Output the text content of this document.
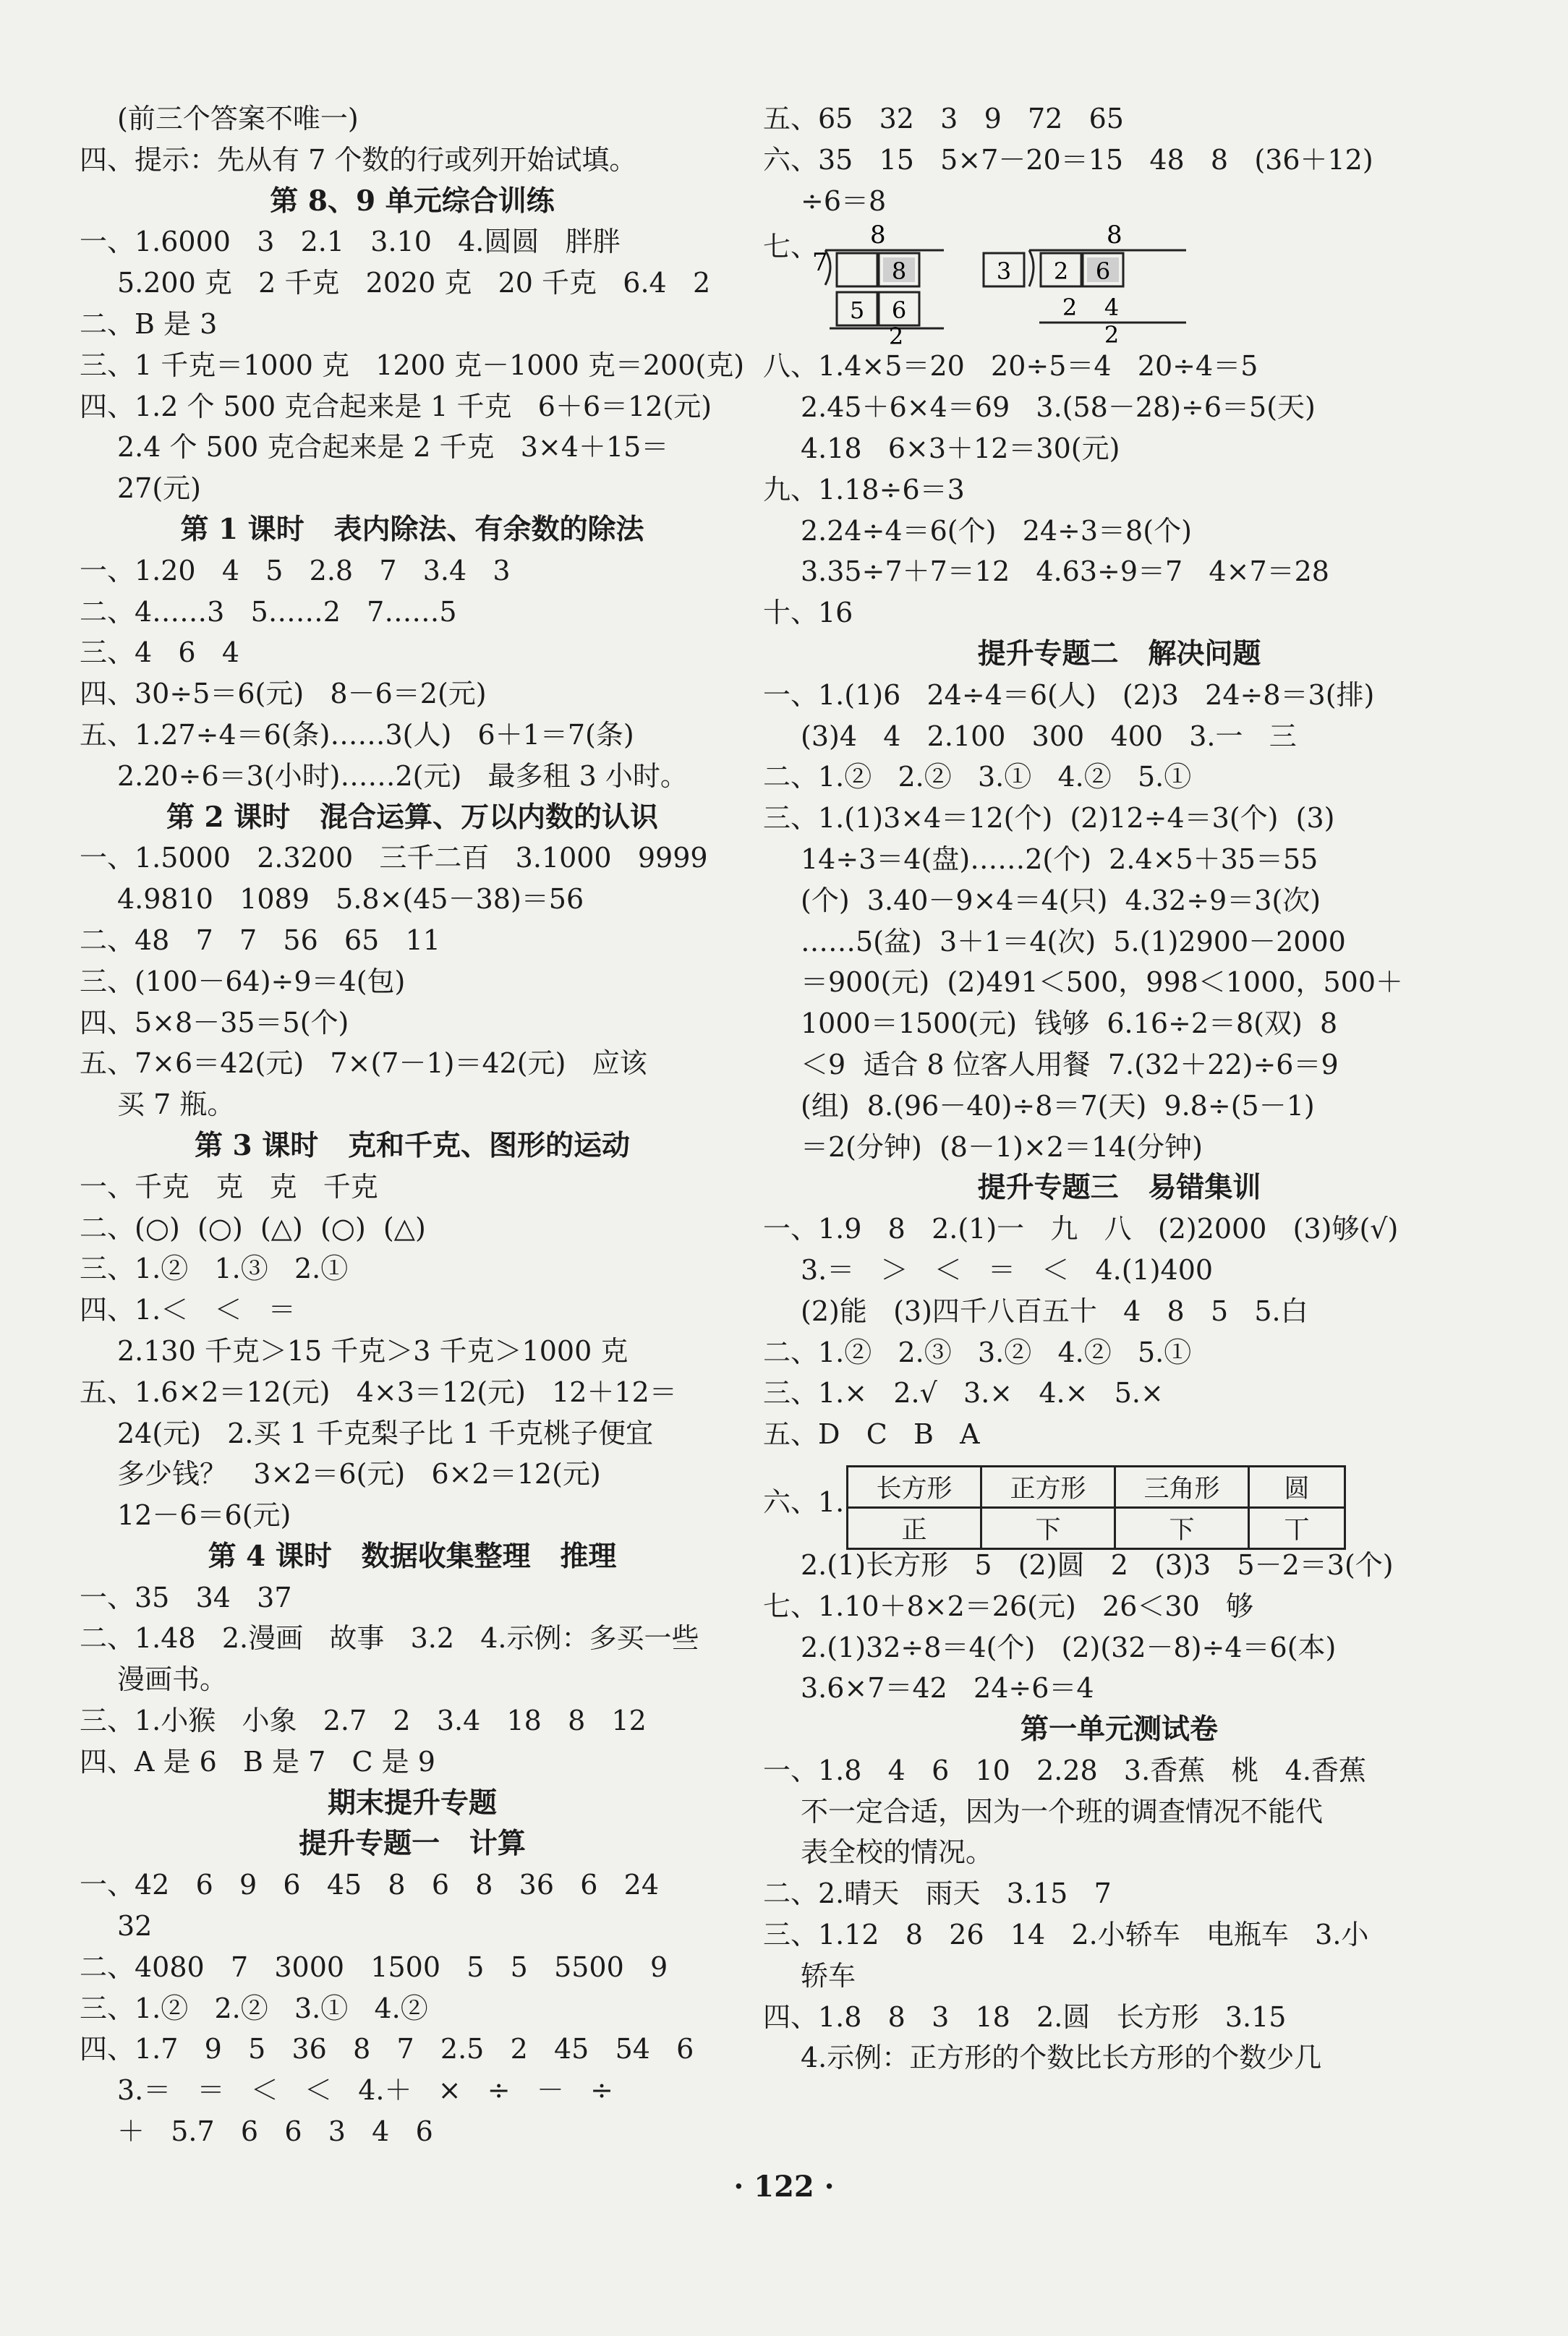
(前三个答案不唯一)
四、提示：先从有 7 个数的行或列开始试填。
第 8、9 单元综合训练
一、1.6000   3   2.1   3.10   4.圆圆   胖胖
5.200 克   2 千克   2020 克   20 千克   6.4   2
二、B 是 3
三、1 千克＝1000 克   1200 克－1000 克＝200(克)
四、1.2 个 500 克合起来是 1 千克   6＋6＝12(元)
2.4 个 500 克合起来是 2 千克   3×4＋15＝
27(元)
第 1 课时   表内除法、有余数的除法
一、1.20   4   5   2.8   7   3.4   3
二、4……3   5……2   7……5
三、4   6   4
四、30÷5＝6(元)   8－6＝2(元)
五、1.27÷4＝6(条)……3(人)   6＋1＝7(条)
2.20÷6＝3(小时)……2(元)   最多租 3 小时。
第 2 课时   混合运算、万以内数的认识
一、1.5000   2.3200   三千二百   3.1000   9999
4.9810   1089   5.8×(45－38)＝56
二、48   7   7   56   65   11
三、(100－64)÷9＝4(包)
四、5×8－35＝5(个)
五、7×6＝42(元)   7×(7－1)＝42(元)   应该
买 7 瓶。
第 3 课时   克和千克、图形的运动
一、千克   克   克   千克
二、(○)  (○)  (△)  (○)  (△)
三、1.②   1.③   2.①
四、1.＜   ＜   ＝
2.130 千克＞15 千克＞3 千克＞1000 克
五、1.6×2＝12(元)   4×3＝12(元)   12＋12＝
24(元)   2.买 1 千克梨子比 1 千克桃子便宜
多少钱？   3×2＝6(元)   6×2＝12(元)
12－6＝6(元)
第 4 课时   数据收集整理   推理
一、35   34   37
二、1.48   2.漫画   故事   3.2   4.示例：多买一些
漫画书。
三、1.小猴   小象   2.7   2   3.4   18   8   12
四、A 是 6   B 是 7   C 是 9
期末提升专题
提升专题一   计算
一、42   6   9   6   45   8   6   8   36   6   24
32
二、4080   7   3000   1500   5   5   5500   9
三、1.②   2.②   3.①   4.②
四、1.7   9   5   36   8   7   2.5   2   45   54   6
3.＝   ＝   ＜   ＜   4.＋   ×   ÷   －   ÷
＋   5.7   6   6   3   4   6
五、65   32   3   9   72   65
六、35   15   5×7－20＝15   48   8   (36＋12)
÷6＝8
七、 8
7	8
5 6
2
3
8
2 6
2 4
2
八、1.4×5＝20   20÷5＝4   20÷4＝5
2.45＋6×4＝69   3.(58－28)÷6＝5(天)
4.18   6×3＋12＝30(元)
九、1.18÷6＝3
2.24÷4＝6(个)   24÷3＝8(个)
3.35÷7＋7＝12   4.63÷9＝7   4×7＝28
十、16
提升专题二   解决问题
一、1.(1)6   24÷4＝6(人)   (2)3   24÷8＝3(排)
(3)4   4   2.100   300   400   3.一   三
二、1.②   2.②   3.①   4.②   5.①
三、1.(1)3×4＝12(个)  (2)12÷4＝3(个)  (3)
14÷3＝4(盘)……2(个)  2.4×5＋35＝55
(个)  3.40－9×4＝4(只)  4.32÷9＝3(次)
……5(盆)  3＋1＝4(次)  5.(1)2900－2000
＝900(元)  (2)491＜500，998＜1000，500＋
1000＝1500(元)  钱够  6.16÷2＝8(双)  8
＜9  适合 8 位客人用餐  7.(32＋22)÷6＝9
(组)  8.(96－40)÷8＝7(天)  9.8÷(5－1)
＝2(分钟)  (8－1)×2＝14(分钟)
提升专题三   易错集训
一、1.9   8   2.(1)一   九   八   (2)2000   (3)够(√)
3.＝   ＞   ＜   ＝   ＜   4.(1)400
(2)能   (3)四千八百五十   4   8   5   5.白
二、1.②   2.③   3.②   4.②   5.①
三、1.×   2.√   3.×   4.×   5.×
五、D   C   B   A
六、1. 长方形	正方形	三角形	圆
正	下	下	丅
2.(1)长方形   5   (2)圆   2   (3)3   5－2＝3(个)
七、1.10＋8×2＝26(元)   26＜30   够
2.(1)32÷8＝4(个)   (2)(32－8)÷4＝6(本)
3.6×7＝42   24÷6＝4
第一单元测试卷
一、1.8   4   6   10   2.28   3.香蕉   桃   4.香蕉
不一定合适，因为一个班的调查情况不能代
表全校的情况。
二、2.晴天   雨天   3.15   7
三、1.12   8   26   14   2.小轿车   电瓶车   3.小
轿车
四、1.8   8   3   18   2.圆   长方形   3.15
4.示例：正方形的个数比长方形的个数少几
· 122 ·
